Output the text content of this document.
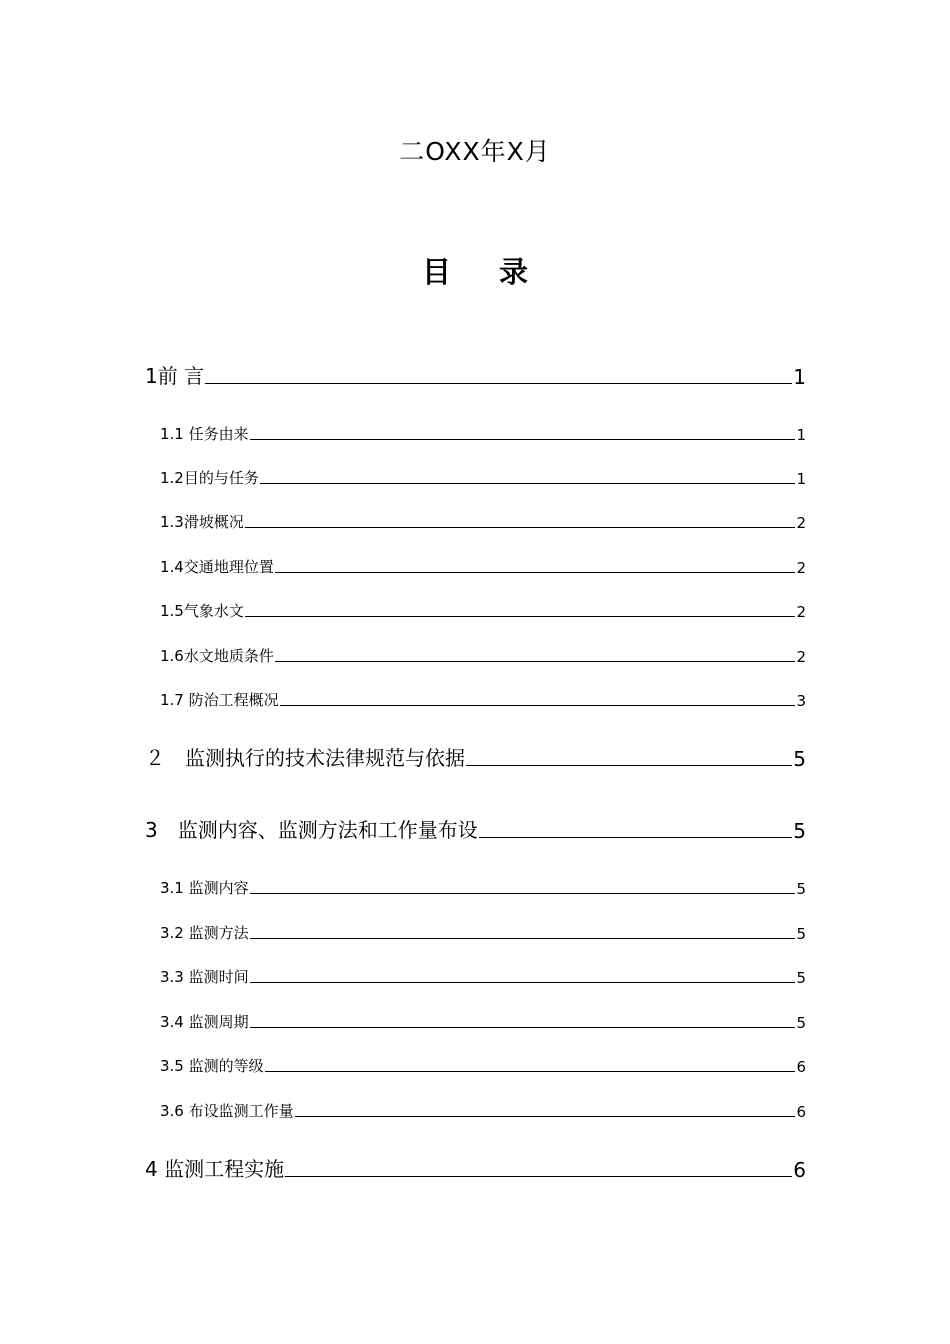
二OXX年X月
目录
1前 言	1
1.1 任务由来	1
1.2目的与任务	1
1.3滑坡概况	2
1.4交通地理位置	2
1.5气象水文	2
1.6水文地质条件	2
1.7 防治工程概况	3
２　监测执行的技术法律规范与依据	5
3　监测内容、监测方法和工作量布设	5
3.1 监测内容	5
3.2 监测方法	5
3.3 监测时间	5
3.4 监测周期	5
3.5 监测的等级	6
3.6 布设监测工作量	6
4 监测工程实施	6
